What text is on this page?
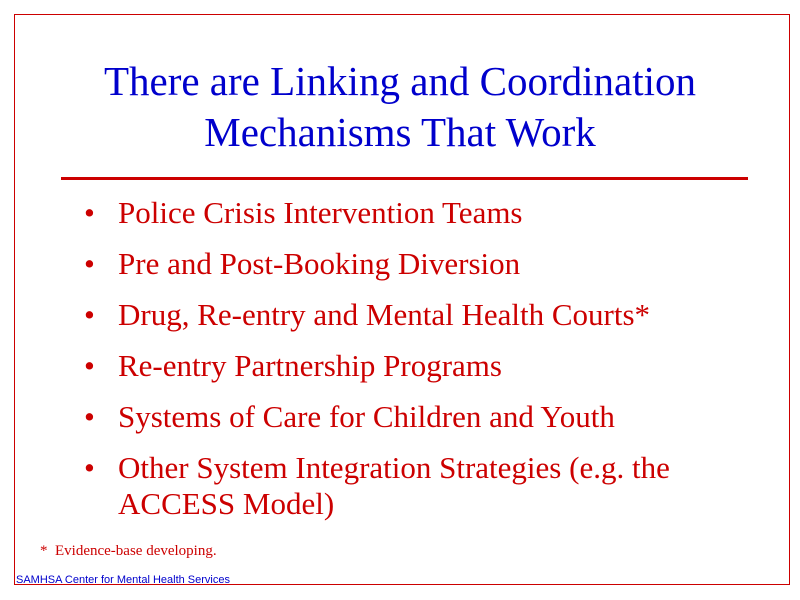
There are Linking and Coordination
Mechanisms That Work
• Police Crisis Intervention Teams
• Pre and Post-Booking Diversion
• Drug, Re-entry and Mental Health Courts*
• Re-entry Partnership Programs
• Systems of Care for Children and Youth
• Other System Integration Strategies (e.g. the ACCESS Model)
*  Evidence-base developing.
SAMHSA Center for Mental Health Services
